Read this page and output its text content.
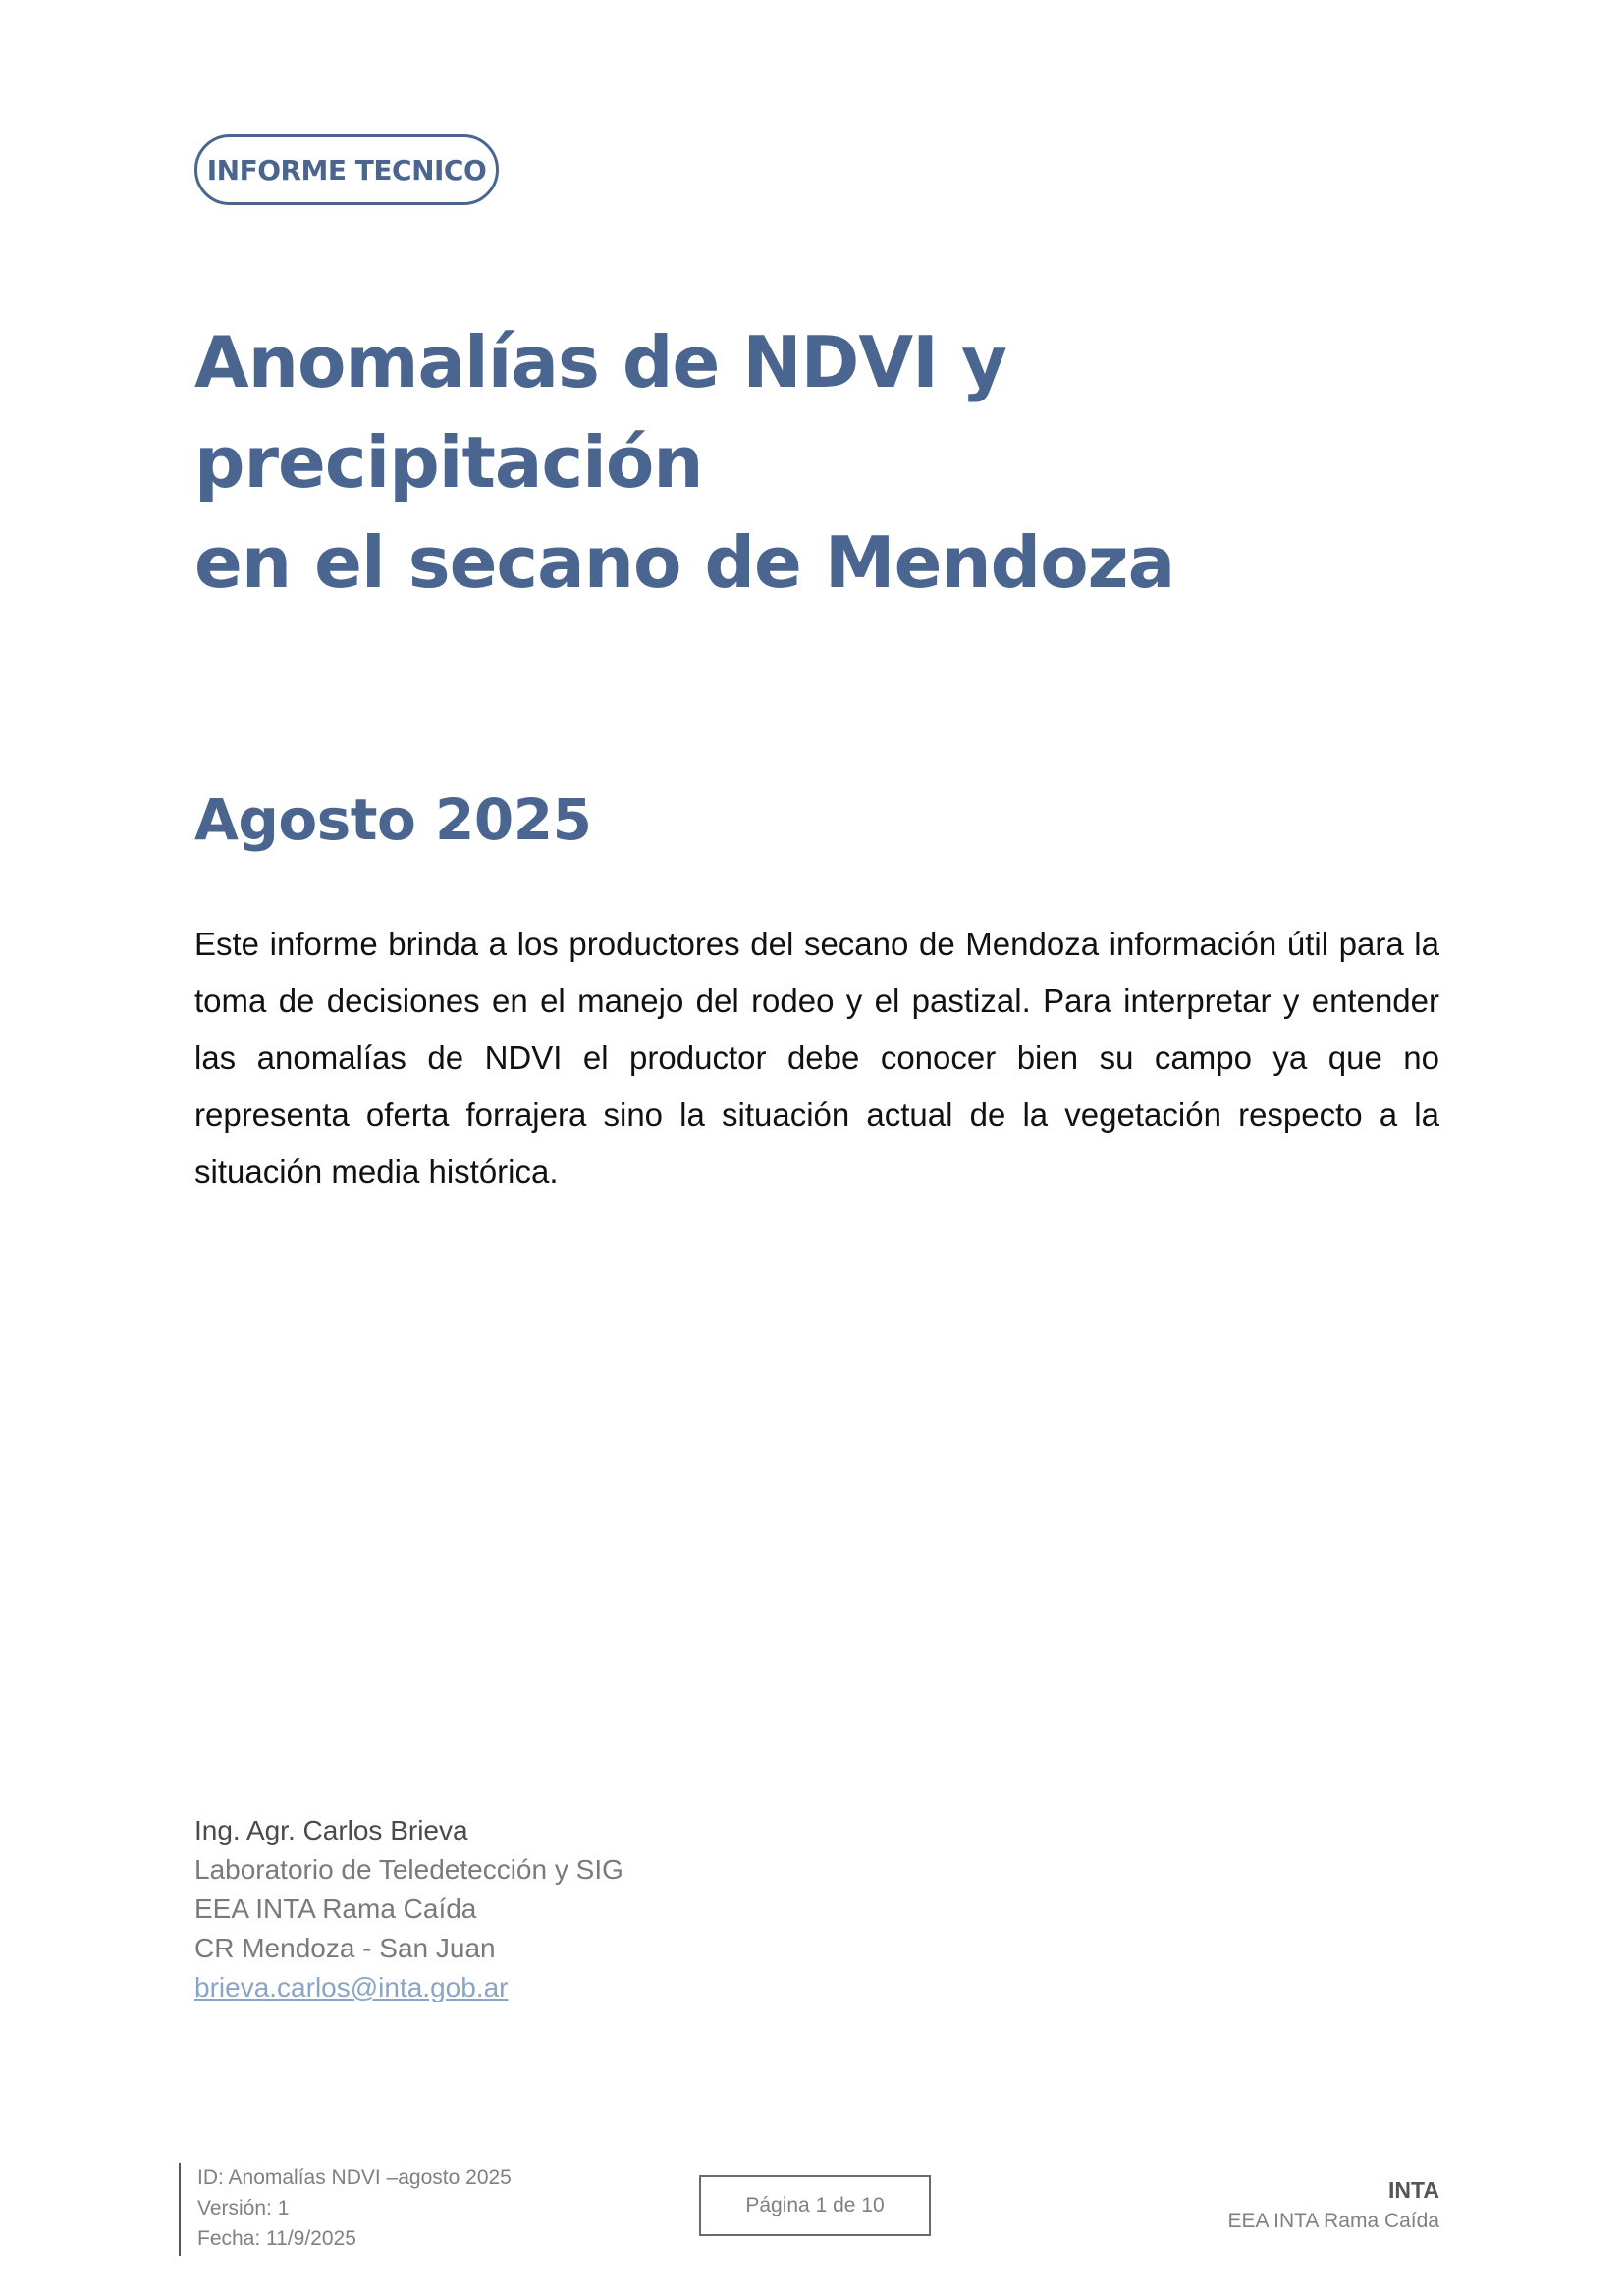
INFORME TECNICO
Anomalías de NDVI y precipitación
en el secano de Mendoza
Agosto 2025

Este informe brinda a los productores del secano de Mendoza información útil para la toma de decisiones en el manejo del rodeo y el pastizal. Para interpretar y entender las anomalías de NDVI el productor debe conocer bien su campo ya que no representa oferta forrajera sino la situación actual de la vegetación respecto a la situación media histórica.

Ing. Agr. Carlos Brieva
Laboratorio de Teledetección y SIG
EEA INTA Rama Caída
CR Mendoza - San Juan
brieva.carlos@inta.gob.ar
ID: Anomalías NDVI –agosto 2025
Versión: 1
Fecha: 11/9/2025
Página 1 de 10
INTA
EEA INTA Rama Caída
